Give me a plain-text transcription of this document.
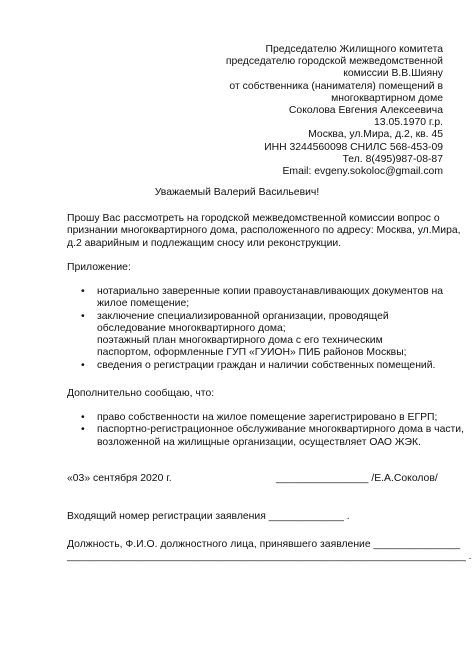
Председателю Жилищного комитета
председателю городской межведомственной
комиссии В.В.Шияну
от собственника (нанимателя) помещений в
многоквартирном доме
Соколова Евгения Алексеевича
13.05.1970 г.р.
Москва, ул.Мира, д.2, кв. 45
ИНН 3244560098 СНИЛС 568-453-09
Тел. 8(495)987-08-87
Email: evgeny.sokoloc@gmail.com
Уважаемый Валерий Васильевич!
Прошу Вас рассмотреть на городской межведомственной комиссии вопрос о
признании многоквартирного дома, расположенного по адресу: Москва, ул.Мира,
д.2 аварийным и подлежащим сносу или реконструкции.
Приложение:
• нотариально заверенные копии правоустанавливающих документов на
жилое помещение;
• заключение специализированной организации, проводящей
обследование многоквартирного дома;
поэтажный план многоквартирного дома с его техническим
паспортом, оформленные ГУП «ГУИОН» ПИБ районов Москвы;
• сведения о регистрации граждан и наличии собственных помещений.
Дополнительно сообщаю, что:
• право собственности на жилое помещение зарегистрировано в ЕГРП;
• паспортно-регистрационное обслуживание многоквартирного дома в части,
возложенной на жилищные организации, осуществляет ОАО ЖЭК.
«03» сентября 2020 г.	________________ /Е.А.Соколов/
Входящий номер регистрации заявления _____________ .
Должность, Ф.И.О. должностного лица, принявшего заявление _______________
_____________________________________________________________________ .
